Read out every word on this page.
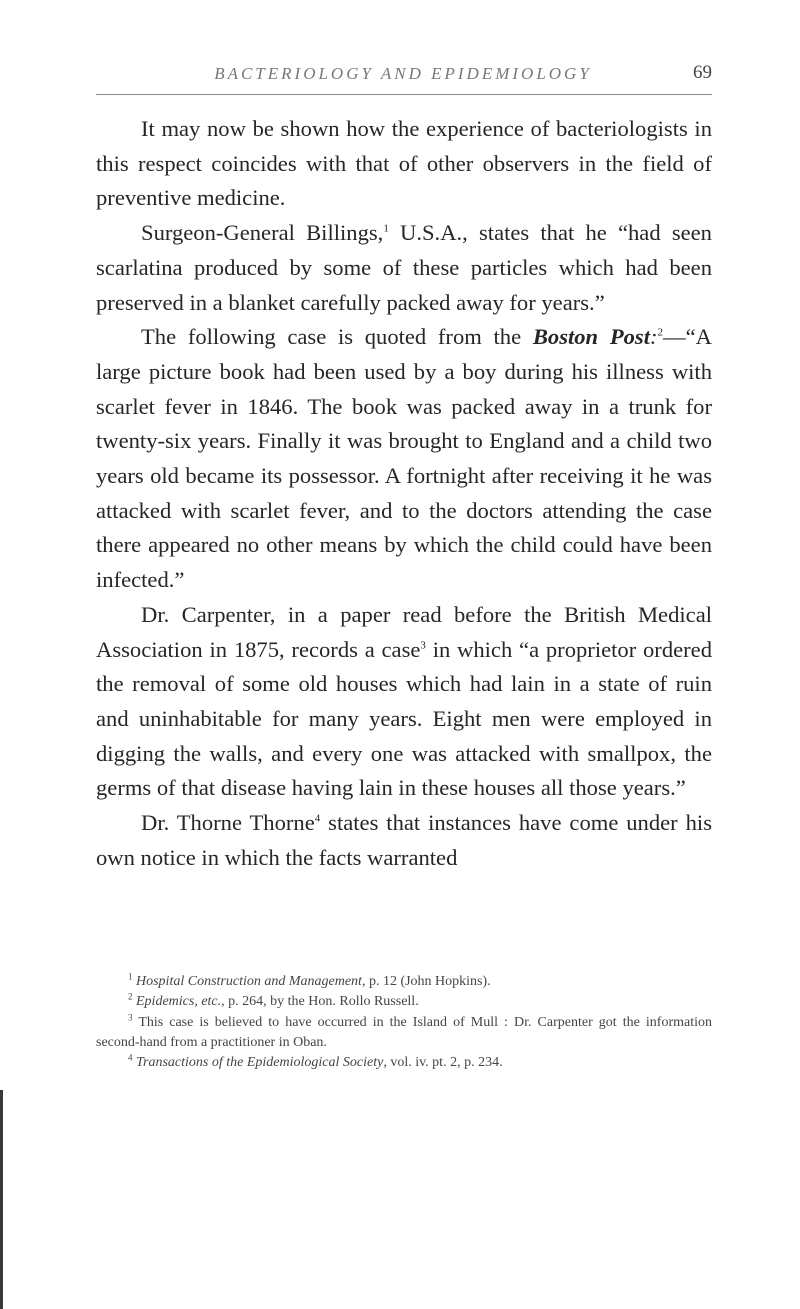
BACTERIOLOGY AND EPIDEMIOLOGY	69

It may now be shown how the experience of bacteriologists in this respect coincides with that of other observers in the field of preventive medicine.

Surgeon-General Billings,$^1$ U.S.A., states that he “had seen scarlatina produced by some of these particles which had been preserved in a blanket carefully packed away for years.”

The following case is quoted from the Boston Post:$^2$—“A large picture book had been used by a boy during his illness with scarlet fever in 1846. The book was packed away in a trunk for twenty-six years. Finally it was brought to England and a child two years old became its possessor. A fortnight after receiving it he was attacked with scarlet fever, and to the doctors attending the case there appeared no other means by which the child could have been infected.”

Dr. Carpenter, in a paper read before the British Medical Association in 1875, records a case$^3$ in which “a proprietor ordered the removal of some old houses which had lain in a state of ruin and uninhabitable for many years. Eight men were employed in digging the walls, and every one was attacked with smallpox, the germs of that disease having lain in these houses all those years.”

Dr. Thorne Thorne$^4$ states that instances have come under his own notice in which the facts warranted

$^1$ Hospital Construction and Management, p. 12 (John Hopkins).

$^2$ Epidemics, etc., p. 264, by the Hon. Rollo Russell.

$^3$ This case is believed to have occurred in the Island of Mull : Dr. Carpenter got the information second-hand from a practitioner in Oban.

$^4$ Transactions of the Epidemiological Society, vol. iv. pt. 2, p. 234.
